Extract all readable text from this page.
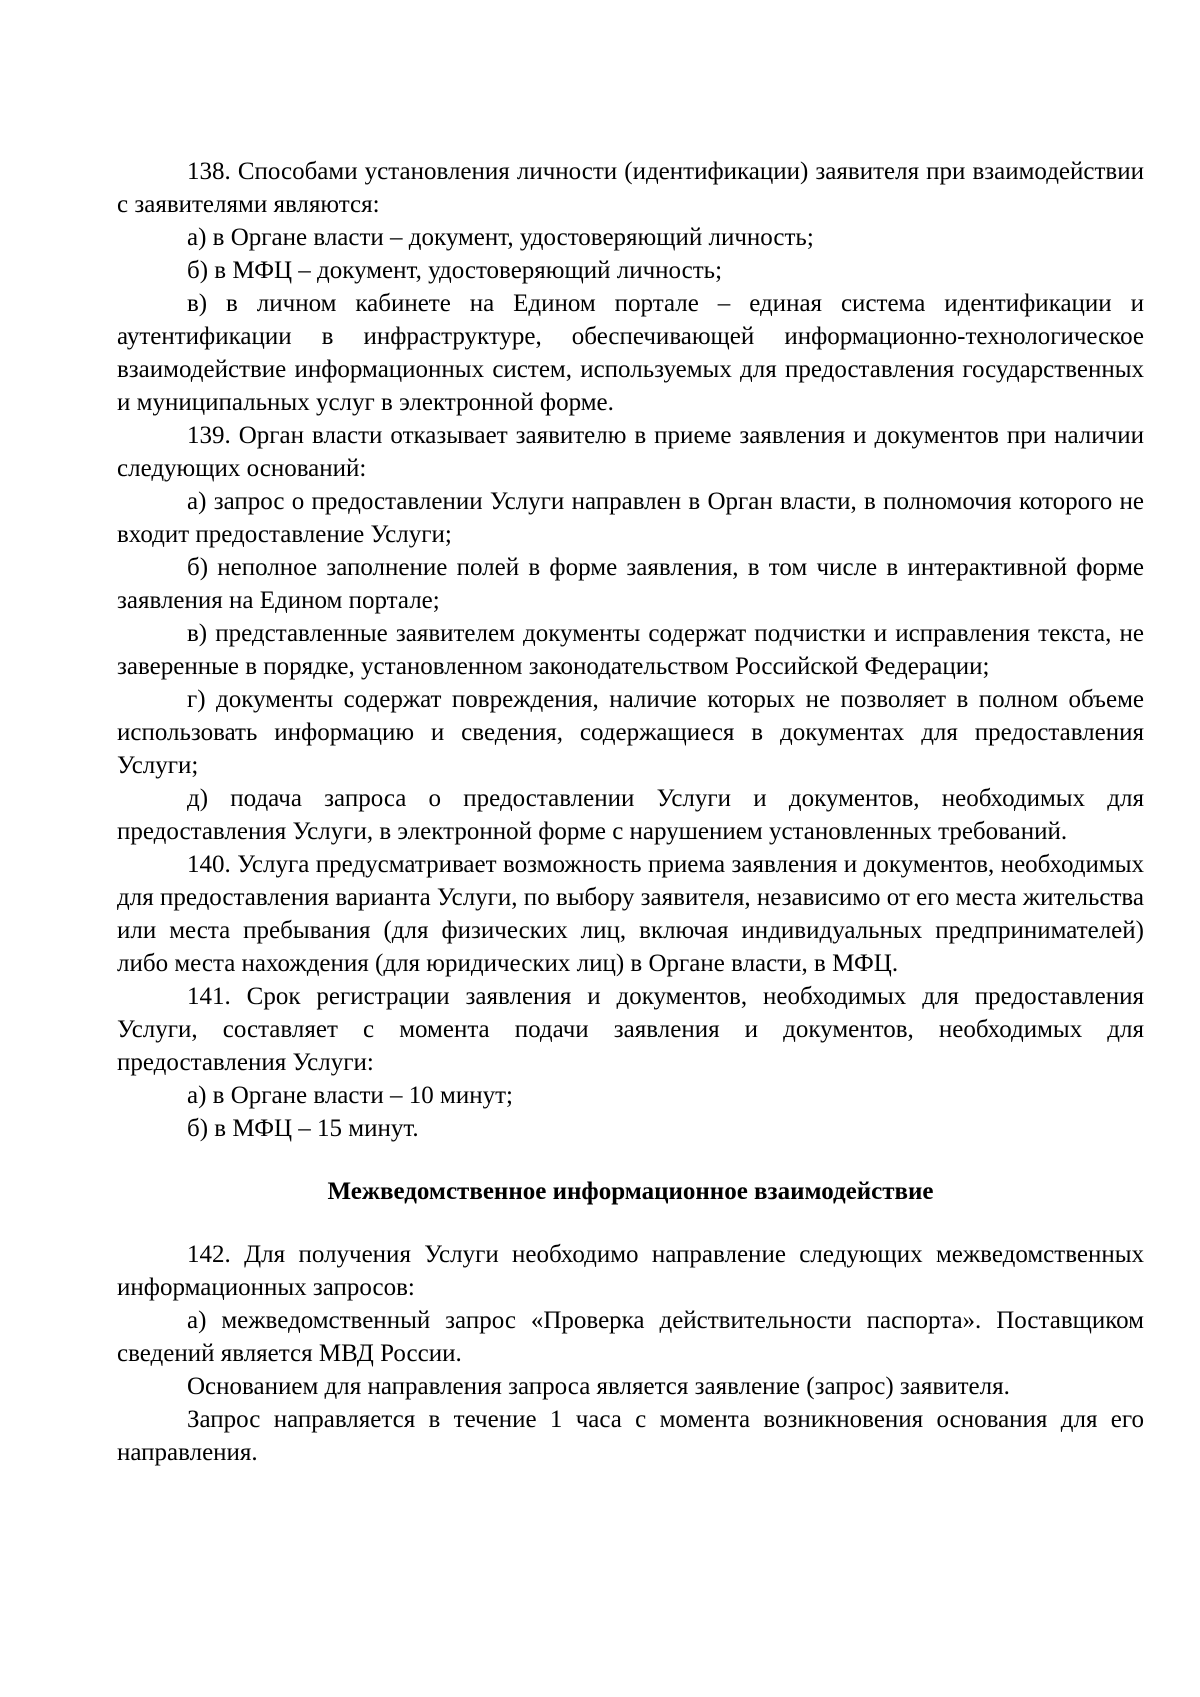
138. Способами установления личности (идентификации) заявителя при взаимодействии с заявителями являются:

а) в Органе власти – документ, удостоверяющий личность;

б) в МФЦ – документ, удостоверяющий личность;

в) в личном кабинете на Едином портале – единая система идентификации и аутентификации в инфраструктуре, обеспечивающей информационно-технологическое взаимодействие информационных систем, используемых для предоставления государственных и муниципальных услуг в электронной форме.

139. Орган власти отказывает заявителю в приеме заявления и документов при наличии следующих оснований:

а) запрос о предоставлении Услуги направлен в Орган власти, в полномочия которого не входит предоставление Услуги;

б) неполное заполнение полей в форме заявления, в том числе в интерактивной форме заявления на Едином портале;

в) представленные заявителем документы содержат подчистки и исправления текста, не заверенные в порядке, установленном законодательством Российской Федерации;

г) документы содержат повреждения, наличие которых не позволяет в полном объеме использовать информацию и сведения, содержащиеся в документах для предоставления Услуги;

д) подача запроса о предоставлении Услуги и документов, необходимых для предоставления Услуги, в электронной форме с нарушением установленных требований.

140. Услуга предусматривает возможность приема заявления и документов, необходимых для предоставления варианта Услуги, по выбору заявителя, независимо от его места жительства или места пребывания (для физических лиц, включая индивидуальных предпринимателей) либо места нахождения (для юридических лиц) в Органе власти, в МФЦ.

141. Срок регистрации заявления и документов, необходимых для предоставления Услуги, составляет с момента подачи заявления и документов, необходимых для предоставления Услуги:

а) в Органе власти – 10 минут;

б) в МФЦ – 15 минут.

Межведомственное информационное взаимодействие

142. Для получения Услуги необходимо направление следующих межведомственных информационных запросов:

а) межведомственный запрос «Проверка действительности паспорта». Поставщиком сведений является МВД России.

Основанием для направления запроса является заявление (запрос) заявителя.

Запрос направляется в течение 1 часа с момента возникновения основания для его направления.
